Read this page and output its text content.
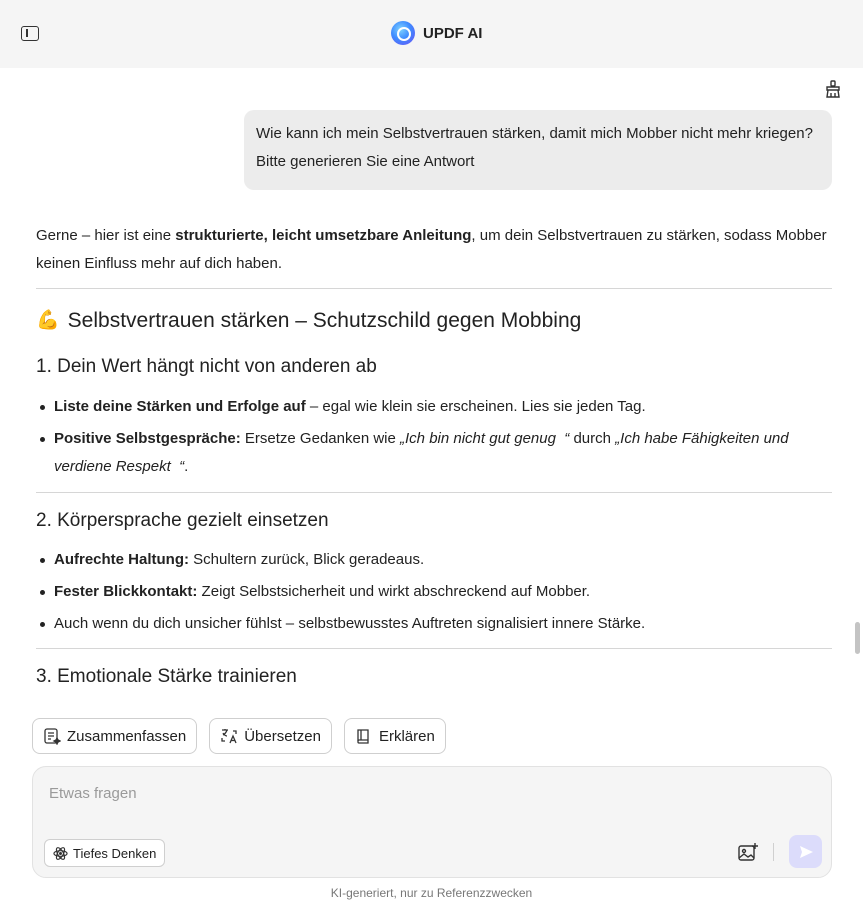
UPDF AI
Wie kann ich mein Selbstvertrauen stärken, damit mich Mobber nicht mehr kriegen?
Bitte generieren Sie eine Antwort

Gerne – hier ist eine strukturierte, leicht umsetzbare Anleitung, um dein Selbstvertrauen zu stärken, sodass Mobber keinen Einfluss mehr auf dich haben.

💪 Selbstvertrauen stärken – Schutzschild gegen Mobbing
1. Dein Wert hängt nicht von anderen ab
Liste deine Stärken und Erfolge auf – egal wie klein sie erscheinen. Lies sie jeden Tag.
Positive Selbstgespräche: Ersetze Gedanken wie „Ich bin nicht gut genug  “ durch „Ich habe Fähigkeiten und verdiene Respekt  “.
2. Körpersprache gezielt einsetzen
Aufrechte Haltung: Schultern zurück, Blick geradeaus.
Fester Blickkontakt: Zeigt Selbstsicherheit und wirkt abschreckend auf Mobber.
Auch wenn du dich unsicher fühlst – selbstbewusstes Auftreten signalisiert innere Stärke.
3. Emotionale Stärke trainieren
Zusammenfassen	Übersetzen	Erklären
Etwas fragen
Tiefes Denken
KI-generiert, nur zu Referenzzwecken
